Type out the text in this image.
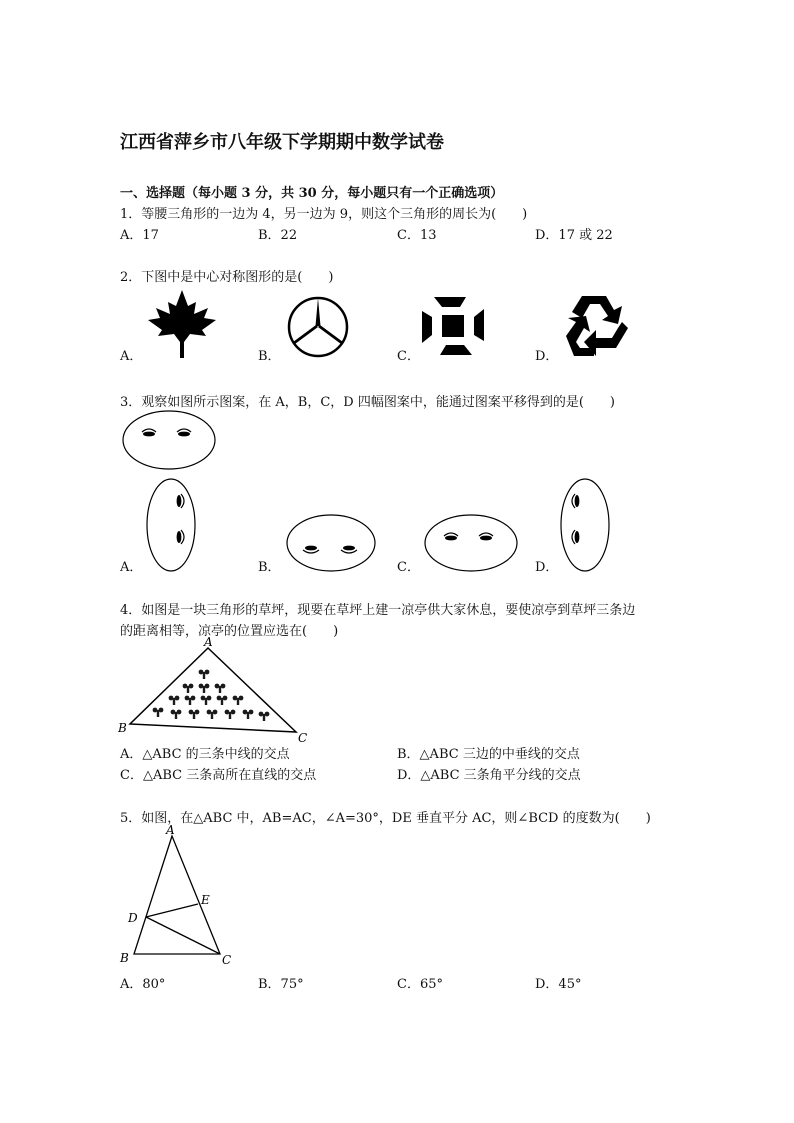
江西省萍乡市八年级下学期期中数学试卷
一、选择题（每小题 3 分，共 30 分，每小题只有一个正确选项）
1．等腰三角形的一边为 4，另一边为 9，则这个三角形的周长为(　　)
A．17	B．22	C．13	D．17 或 22
2．下图中是中心对称图形的是(　　)
A．	B．	C．	D．
3．观察如图所示图案，在 A，B，C，D 四幅图案中，能通过图案平移得到的是(　　)
A．	B．	C．	D．
4．如图是一块三角形的草坪，现要在草坪上建一凉亭供大家休息，要使凉亭到草坪三条边
的距离相等，凉亭的位置应选在(　　)
A
B
C
A．△ABC 的三条中线的交点	B．△ABC 三边的中垂线的交点
C．△ABC 三条高所在直线的交点	D．△ABC 三条角平分线的交点
5．如图，在△ABC 中，AB=AC，∠A=30°，DE 垂直平分 AC，则∠BCD 的度数为(　　)
A
B	C
D
E
A．80°	B．75°	C．65°	D．45°
